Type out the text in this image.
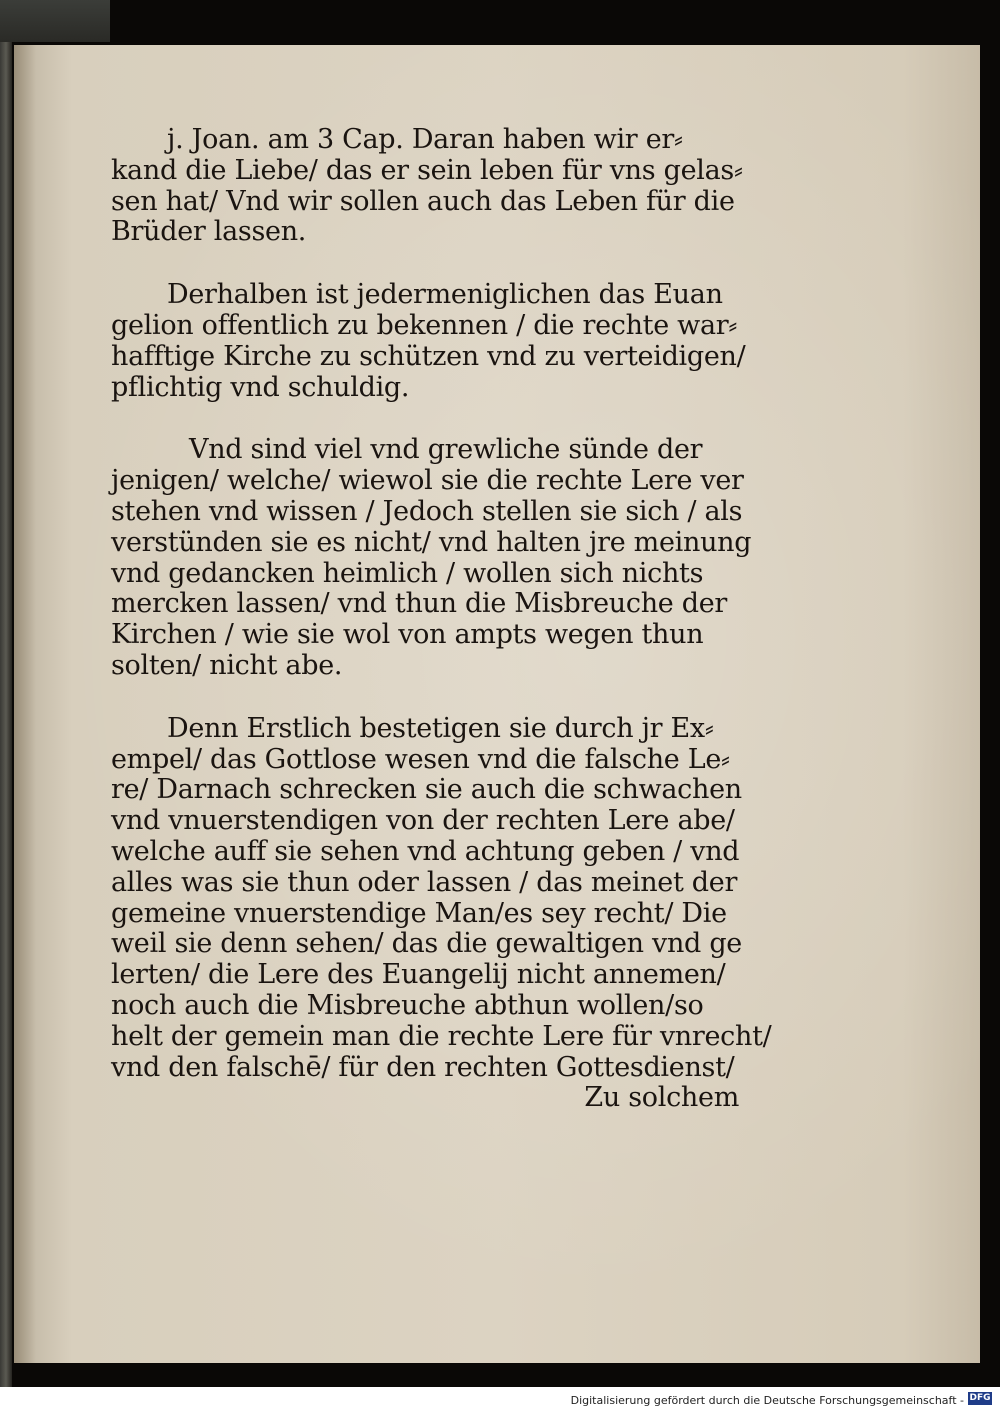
j. Joan. am 3 Cap. Daran haben wir er⸗
kand die Liebe/ das er sein leben für vns gelas⸗
sen hat/ Vnd wir sollen auch das Leben für die
Brüder lassen.

Derhalben ist jedermeniglichen das Euan
gelion offentlich zu bekennen / die rechte war⸗
hafftige Kirche zu schützen vnd zu verteidigen/
pflichtig vnd schuldig.

Vnd sind viel vnd grewliche sünde der
jenigen/ welche/ wiewol sie die rechte Lere ver
stehen vnd wissen / Jedoch stellen sie sich / als
verstünden sie es nicht/ vnd halten jre meinung
vnd gedancken heimlich / wollen sich nichts
mercken lassen/ vnd thun die Misbreuche der
Kirchen / wie sie wol von ampts wegen thun
solten/ nicht abe.

Denn Erstlich bestetigen sie durch jr Ex⸗
empel/ das Gottlose wesen vnd die falsche Le⸗
re/ Darnach schrecken sie auch die schwachen
vnd vnuerstendigen von der rechten Lere abe/
welche auff sie sehen vnd achtung geben / vnd
alles was sie thun oder lassen / das meinet der
gemeine vnuerstendige Man/es sey recht/ Die
weil sie denn sehen/ das die gewaltigen vnd ge
lerten/ die Lere des Euangelij nicht annemen/
noch auch die Misbreuche abthun wollen/so
helt der gemein man die rechte Lere für vnrecht/
vnd den falschē/ für den rechten Gottesdienst/
Zu solchem

Digitalisierung gefördert durch die Deutsche Forschungsgemeinschaft - DFG
